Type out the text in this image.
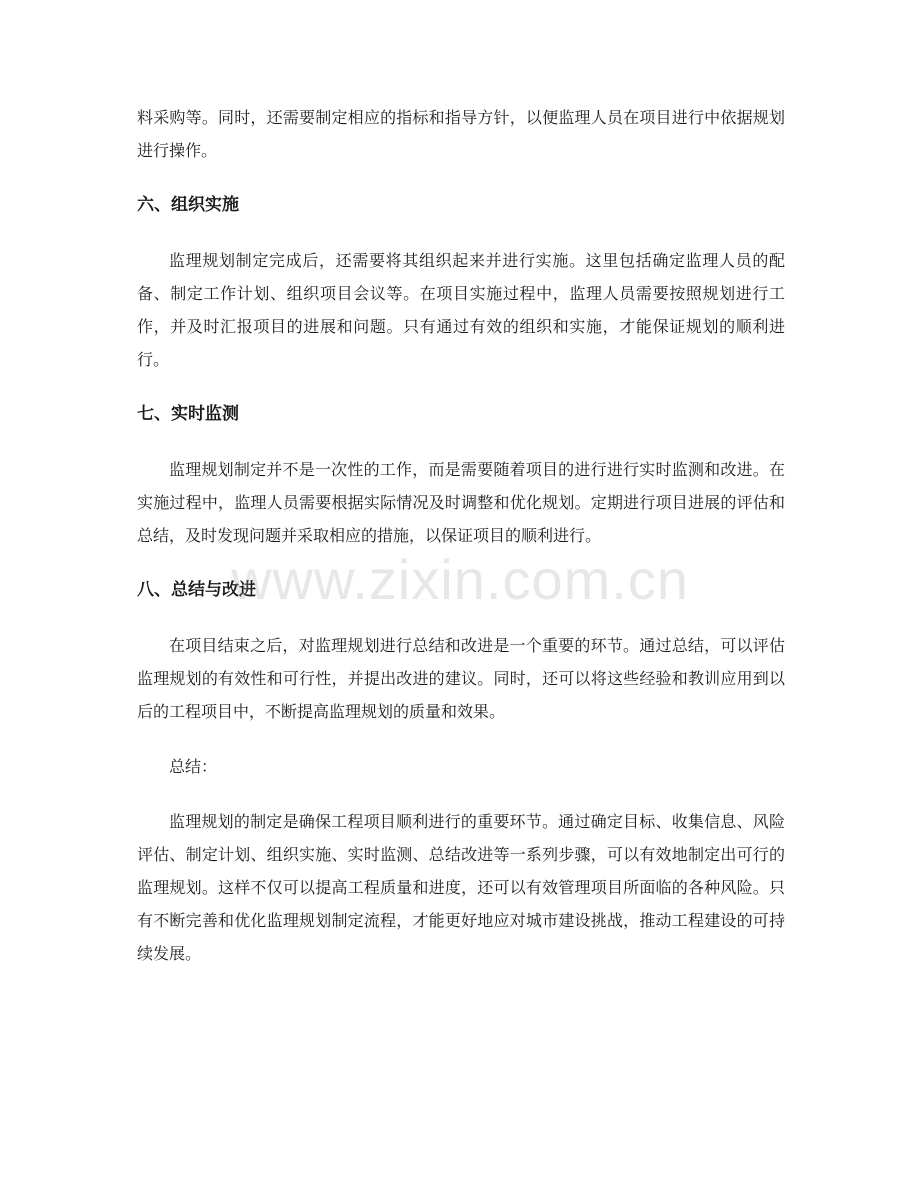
料采购等。同时，还需要制定相应的指标和指导方针，以便监理人员在项目进行中依据规划进行操作。

六、组织实施

监理规划制定完成后，还需要将其组织起来并进行实施。这里包括确定监理人员的配备、制定工作计划、组织项目会议等。在项目实施过程中，监理人员需要按照规划进行工作，并及时汇报项目的进展和问题。只有通过有效的组织和实施，才能保证规划的顺利进行。

七、实时监测

监理规划制定并不是一次性的工作，而是需要随着项目的进行进行实时监测和改进。在实施过程中，监理人员需要根据实际情况及时调整和优化规划。定期进行项目进展的评估和总结，及时发现问题并采取相应的措施，以保证项目的顺利进行。

八、总结与改进

在项目结束之后，对监理规划进行总结和改进是一个重要的环节。通过总结，可以评估监理规划的有效性和可行性，并提出改进的建议。同时，还可以将这些经验和教训应用到以后的工程项目中，不断提高监理规划的质量和效果。

总结：

监理规划的制定是确保工程项目顺利进行的重要环节。通过确定目标、收集信息、风险评估、制定计划、组织实施、实时监测、总结改进等一系列步骤，可以有效地制定出可行的监理规划。这样不仅可以提高工程质量和进度，还可以有效管理项目所面临的各种风险。只有不断完善和优化监理规划制定流程，才能更好地应对城市建设挑战，推动工程建设的可持续发展。

www.zixin.com.cn
